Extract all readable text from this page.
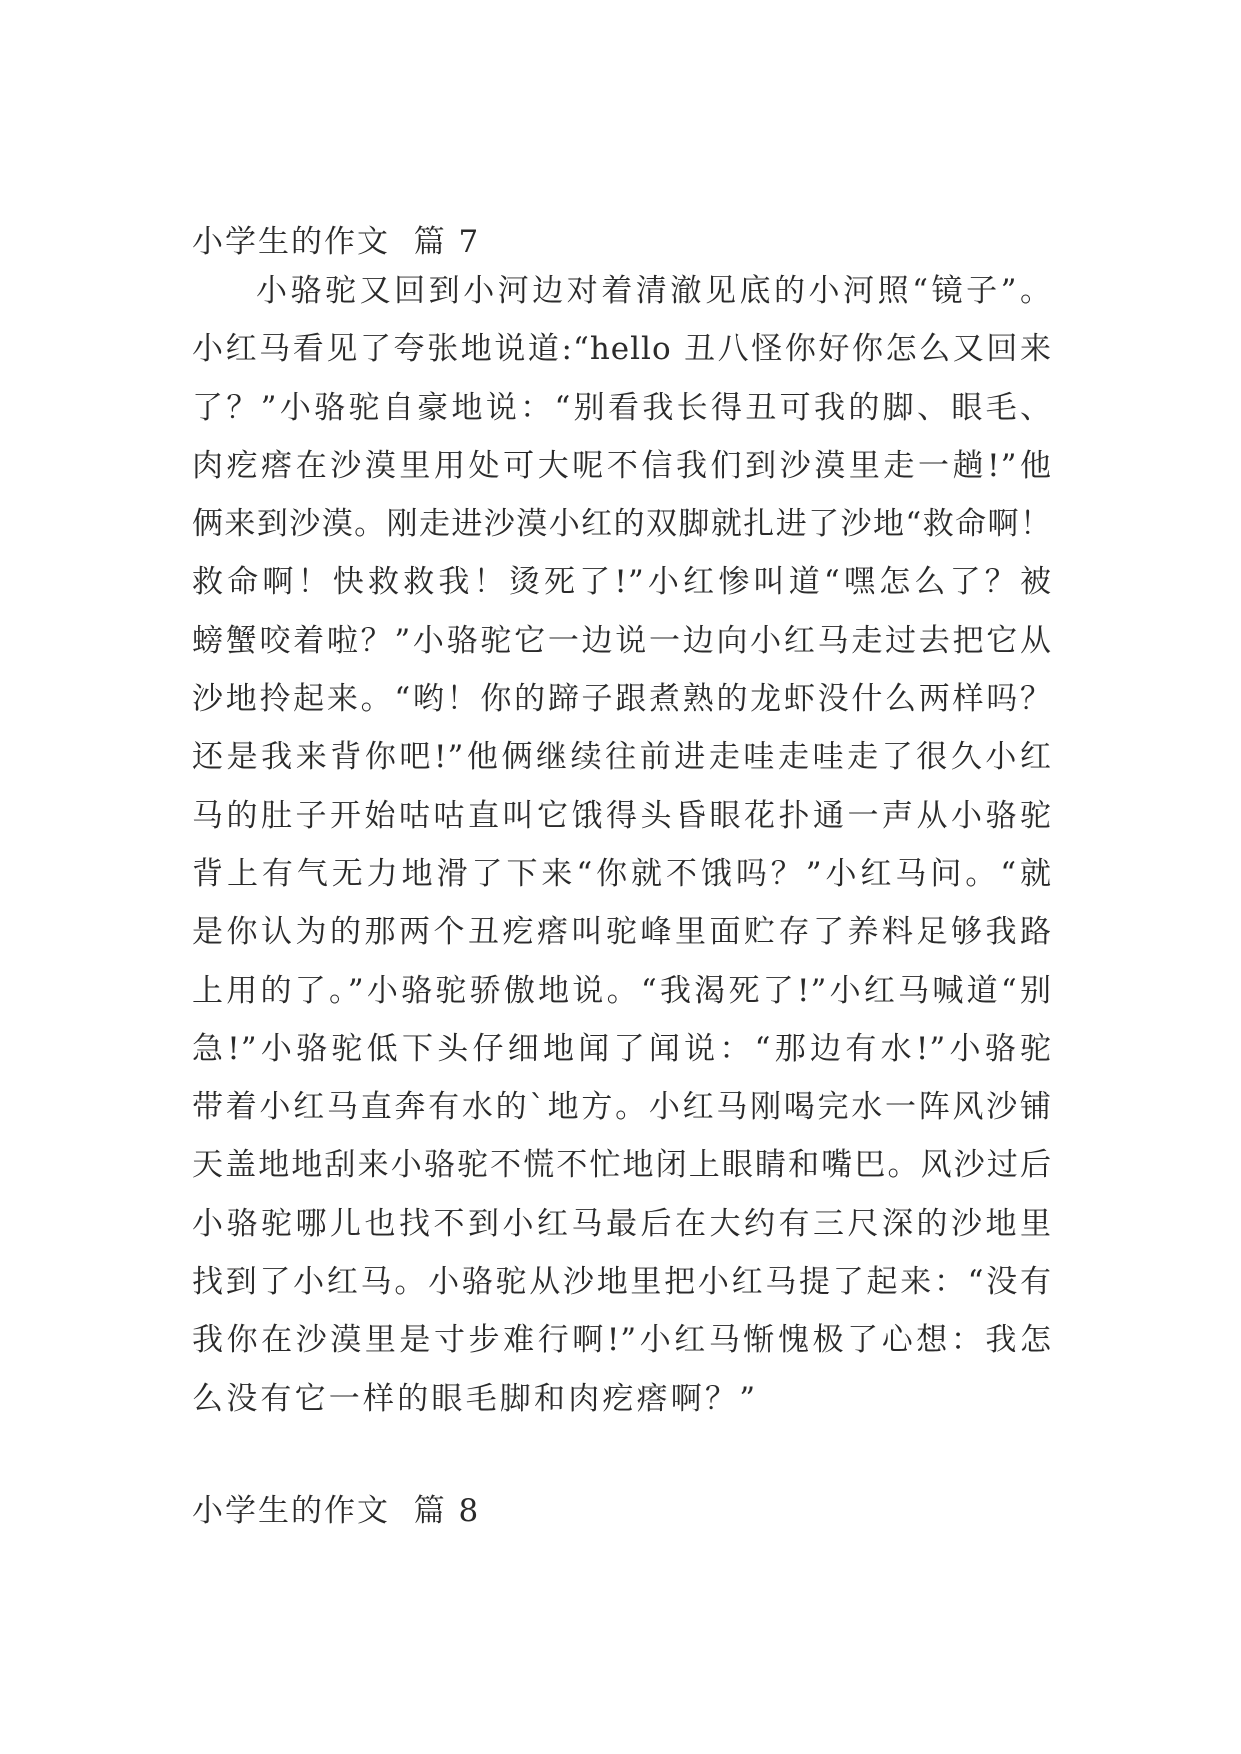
小学生的作文  篇 7
小骆驼又回到小河边对着清澈见底的小河照“镜子”。
小红马看见了夸张地说道:“hello 丑八怪你好你怎么又回来
了？”小骆驼自豪地说：“别看我长得丑可我的脚、眼毛、
肉疙瘩在沙漠里用处可大呢不信我们到沙漠里走一趟!”他
俩来到沙漠。刚走进沙漠小红的双脚就扎进了沙地“救命啊！
救命啊！快救救我！烫死了!”小红惨叫道“嘿怎么了？被
螃蟹咬着啦？”小骆驼它一边说一边向小红马走过去把它从
沙地拎起来。“哟！你的蹄子跟煮熟的龙虾没什么两样吗？
还是我来背你吧!”他俩继续往前进走哇走哇走了很久小红
马的肚子开始咕咕直叫它饿得头昏眼花扑通一声从小骆驼
背上有气无力地滑了下来“你就不饿吗？”小红马问。“就
是你认为的那两个丑疙瘩叫驼峰里面贮存了养料足够我路
上用的了。”小骆驼骄傲地说。“我渴死了!”小红马喊道“别
急!”小骆驼低下头仔细地闻了闻说：“那边有水!”小骆驼
带着小红马直奔有水的`地方。小红马刚喝完水一阵风沙铺
天盖地地刮来小骆驼不慌不忙地闭上眼睛和嘴巴。风沙过后
小骆驼哪儿也找不到小红马最后在大约有三尺深的沙地里
找到了小红马。小骆驼从沙地里把小红马提了起来：“没有
我你在沙漠里是寸步难行啊!”小红马惭愧极了心想：我怎
么没有它一样的眼毛脚和肉疙瘩啊？”
小学生的作文  篇 8
